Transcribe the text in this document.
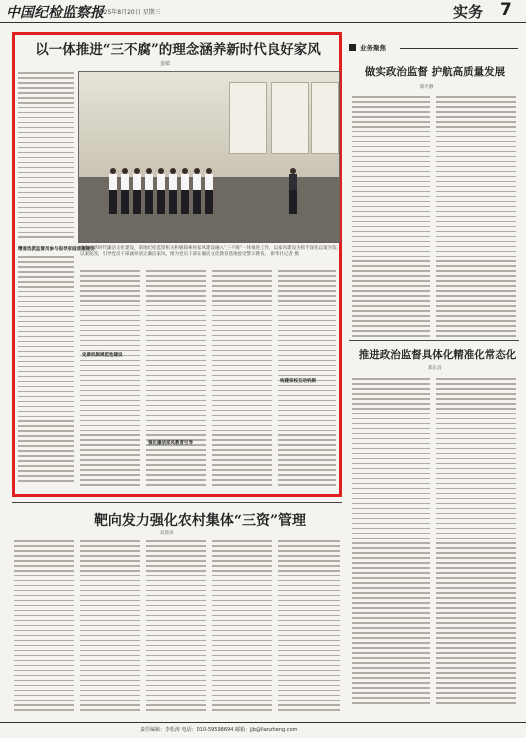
中国纪检监察报
2025年8月20日 星期三	实务 7
以一体推进“三不腐”的理念涵养新时代良好家风
姜敏
精准选派监督员参与指导家庭清廉建设
为推进新时代廉洁文化建设，某地纪检监察机关积极探索将家风建设融入“三不腐”一体推进工作，以家风建设为抓手深化以案为鉴、以案促改，引导党员干部涵养清正廉洁家风。图为党员干部在廉洁文化教育基地接受警示教育。 新华社记者 摄
完善机制规范性建设
强化廉洁家风教育引导
构建家校互动机制
业务聚焦
做实政治监督 护航高质量发展
陈平静
推进政治监督具体化精准化常态化
郑东昌
靶向发力强化农村集体“三资”管理
高晨涛
责任编辑：李松涛 电话：010-59598694 邮箱：jjb@lianzheng.com
